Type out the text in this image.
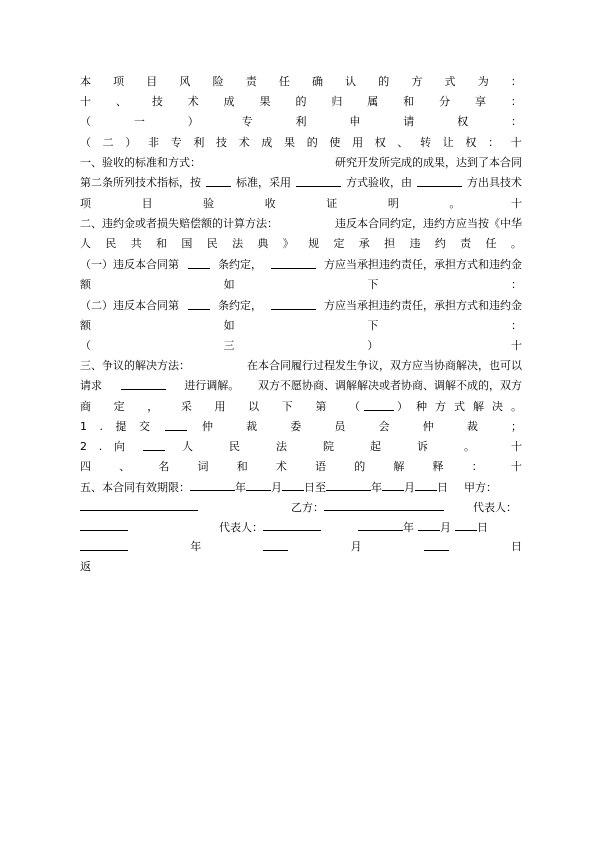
本 项 目 风 险 责 任 确 认 的 方 式 为 ：
十 、 技 术 成 果 的 归 属 和 分 享 ：
（	一	）	专	利	申	请	权	：
（ 二 ） 非 专 利 技 术 成 果 的 使 用 权 、 转 让 权 ： 十
一、验收的标准和方式：	研究开发所完成的成果，达到了本合同
第二条所列技术指标，按	标准，采用	方式验收，由	方出具技术
项	目	验	收	证	明	。	十
二、违约金或者损失赔偿额的计算方法：	违反本合同约定，违约方应当按《中华
人 民 共 和 国 民 法 典 》 规 定 承 担 违 约 责 任 。
（一）违反本合同第	条约定，	方应当承担违约责任，承担方式和违约金
额	如	下	：
（二）违反本合同第	条约定，	方应当承担违约责任，承担方式和违约金
额	如	下	：
（	三	）	十
三、争议的解决方法：	在本合同履行过程发生争议，双方应当协商解决，也可以
请求	进行调解。 双方不愿协商、调解解决或者协商、调解不成的，双方
商 定 ， 采 用 以 下 第 （	） 种 方 式 解 决 。
1 . 提 交	仲	裁	委	员	会	仲	裁	；
2 . 向	人	民	法	院	起	诉	。	十
四	、	名	词	和	术	语	的	解	释	：	十
五、本合同有效期限：	年 月 日至	年 月 日 甲方：
乙方：	代表人：
代表人：	年 月 日
年	月	日
返
